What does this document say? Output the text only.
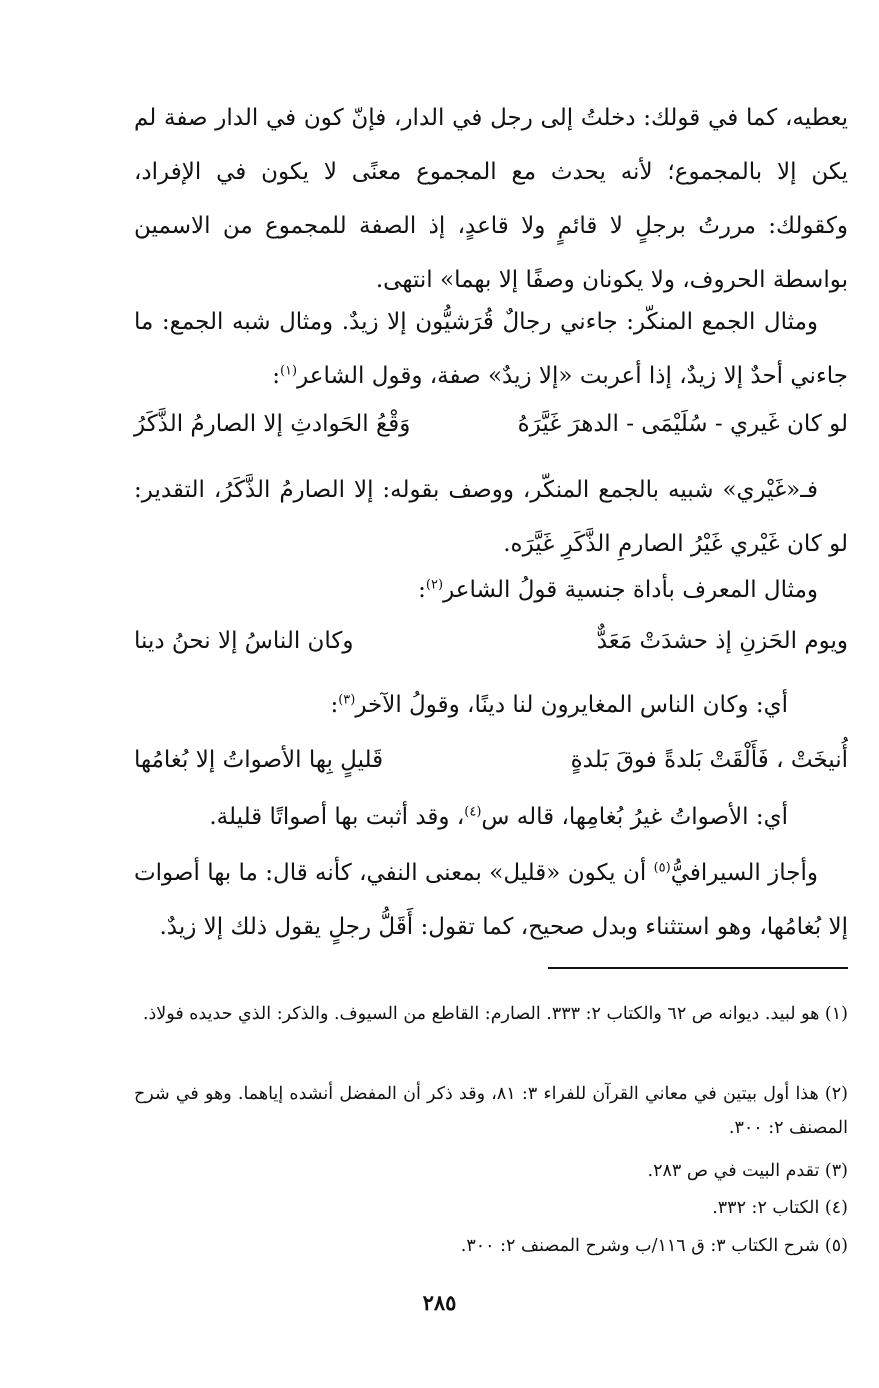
يعطيه، كما في قولك: دخلتُ إلى رجل في الدار، فإنّ كون في الدار صفة لم يكن إلا بالمجموع؛ لأنه يحدث مع المجموع معنًى لا يكون في الإفراد، وكقولك: مررتُ برجلٍ لا قائمٍ ولا قاعدٍ، إذ الصفة للمجموع من الاسمين بواسطة الحروف، ولا يكونان وصفًا إلا بهما» انتهى.

ومثال الجمع المنكّر: جاءني رجالٌ قُرَشيُّون إلا زيدٌ. ومثال شبه الجمع: ما جاءني أحدٌ إلا زيدٌ، إذا أعربت «إلا زيدٌ» صفة، وقول الشاعر$^{(١)}$:

لو كان غَيري - سُلَيْمَى - الدهرَ غَيَّرَهُ
وَقْعُ الحَوادثِ إلا الصارمُ الذَّكَرُ

فـ«غَيْري» شبيه بالجمع المنكّر، ووصف بقوله: إلا الصارمُ الذَّكَرُ، التقدير: لو كان غَيْري غَيْرُ الصارمِ الذَّكَرِ غَيَّرَه.

ومثال المعرف بأداة جنسية قولُ الشاعر$^{(٢)}$:

ويوم الحَزنِ إذ حشدَتْ مَعَدٌّ
وكان الناسُ إلا نحنُ دينا

أي: وكان الناس المغايرون لنا دينًا، وقولُ الآخر$^{(٣)}$:

أُنيخَتْ ، فَأَلْقَتْ بَلدةً فوقَ بَلدةٍ
قَليلٍ بِها الأصواتُ إلا بُغامُها

أي: الأصواتُ غيرُ بُغامِها، قاله س$^{(٤)}$، وقد أثبت بها أصواتًا قليلة.

وأجاز السيرافيُّ$^{(٥)}$ أن يكون «قليل» بمعنى النفي، كأنه قال: ما بها أصوات إلا بُغامُها، وهو استثناء وبدل صحيح، كما تقول: أَقَلُّ رجلٍ يقول ذلك إلا زيدٌ.

(١) هو لبيد. ديوانه ص ٦٢ والكتاب ٢: ٣٣٣. الصارم: القاطع من السيوف. والذكر: الذي حديده فولاذ.

(٢) هذا أول بيتين في معاني القرآن للفراء ٣: ٨١، وقد ذكر أن المفضل أنشده إياهما. وهو في شرح المصنف ٢: ٣٠٠.

(٣) تقدم البيت في ص ٢٨٣.

(٤) الكتاب ٢: ٣٣٢.

(٥) شرح الكتاب ٣: ق ١١٦/ب وشرح المصنف ٢: ٣٠٠.

٢٨٥
